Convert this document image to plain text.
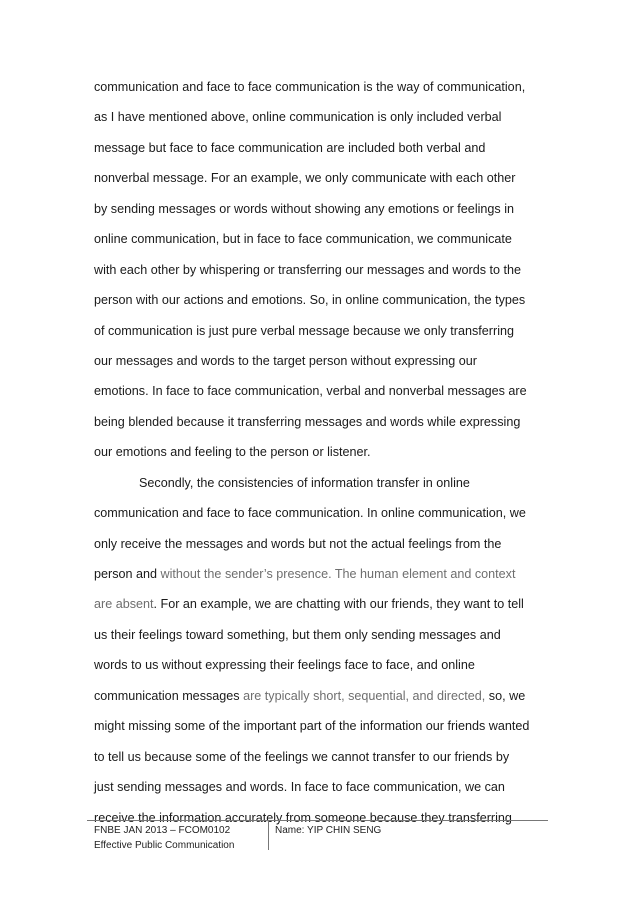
communication and face to face communication is the way of communication,
as I have mentioned above, online communication is only included verbal
message but face to face communication are included both verbal and
nonverbal message. For an example, we only communicate with each other
by sending messages or words without showing any emotions or feelings in
online communication, but in face to face communication, we communicate
with each other by whispering or transferring our messages and words to the
person with our actions and emotions. So, in online communication, the types
of communication is just pure verbal message because we only transferring
our messages and words to the target person without expressing our
emotions. In face to face communication, verbal and nonverbal messages are
being blended because it transferring messages and words while expressing
our emotions and feeling to the person or listener.
Secondly, the consistencies of information transfer in online
communication and face to face communication. In online communication, we
only receive the messages and words but not the actual feelings from the
person and without the sender’s presence. The human element and context
are absent. For an example, we are chatting with our friends, they want to tell
us their feelings toward something, but them only sending messages and
words to us without expressing their feelings face to face, and online
communication messages are typically short, sequential, and directed, so, we
might missing some of the important part of the information our friends wanted
to tell us because some of the feelings we cannot transfer to our friends by
just sending messages and words. In face to face communication, we can
receive the information accurately from someone because they transferring
FNBE JAN 2013 – FCOM0102
Effective Public Communication
Name: YIP CHIN SENG
